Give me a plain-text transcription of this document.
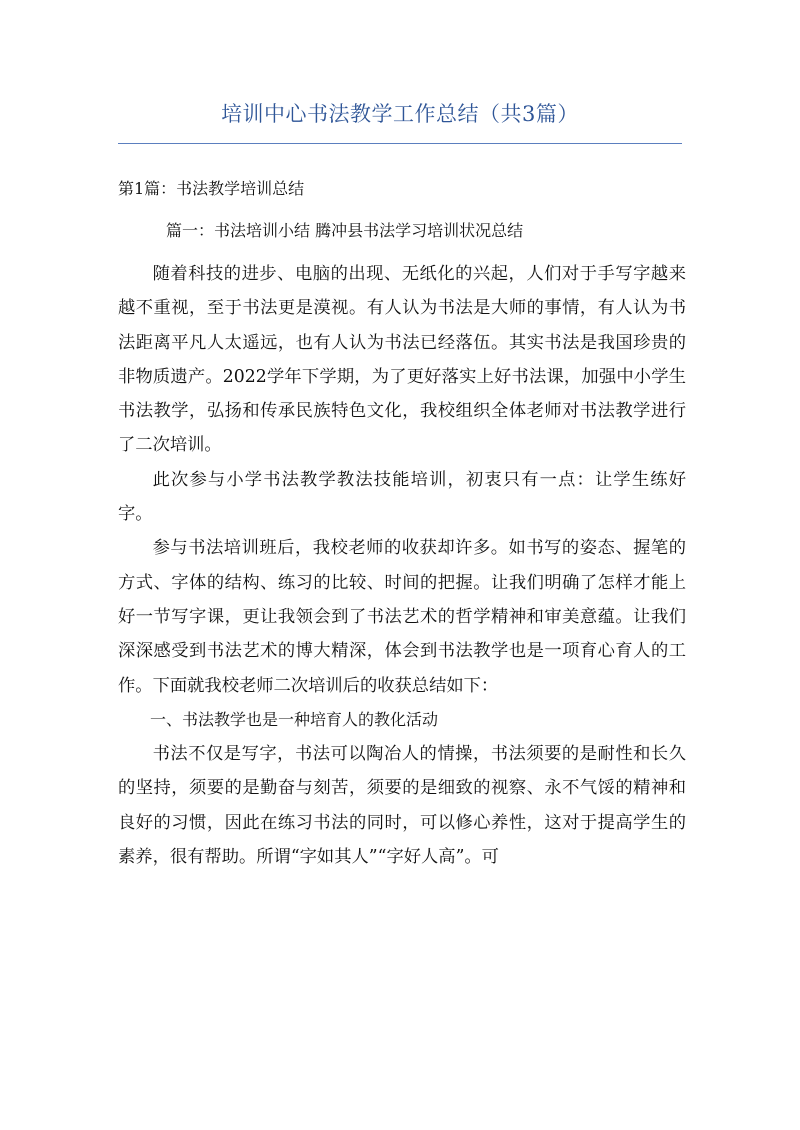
培训中心书法教学工作总结（共3篇）
第1篇：书法教学培训总结
篇一：书法培训小结 腾冲县书法学习培训状况总结

随着科技的进步、电脑的出现、无纸化的兴起，人们对于手写字越来越不重视，至于书法更是漠视。有人认为书法是大师的事情，有人认为书法距离平凡人太遥远，也有人认为书法已经落伍。其实书法是我国珍贵的非物质遗产。2022学年下学期，为了更好落实上好书法课，加强中小学生书法教学，弘扬和传承民族特色文化，我校组织全体老师对书法教学进行了二次培训。

此次参与小学书法教学教法技能培训，初衷只有一点：让学生练好字。

参与书法培训班后，我校老师的收获却许多。如书写的姿态、握笔的方式、字体的结构、练习的比较、时间的把握。让我们明确了怎样才能上好一节写字课，更让我领会到了书法艺术的哲学精神和审美意蕴。让我们深深感受到书法艺术的博大精深，体会到书法教学也是一项育心育人的工作。下面就我校老师二次培训后的收获总结如下：

一、书法教学也是一种培育人的教化活动

书法不仅是写字，书法可以陶冶人的情操，书法须要的是耐性和长久的坚持，须要的是勤奋与刻苦，须要的是细致的视察、永不气馁的精神和良好的习惯，因此在练习书法的同时，可以修心养性，这对于提高学生的素养，很有帮助。所谓“字如其人”“字好人高”。可
